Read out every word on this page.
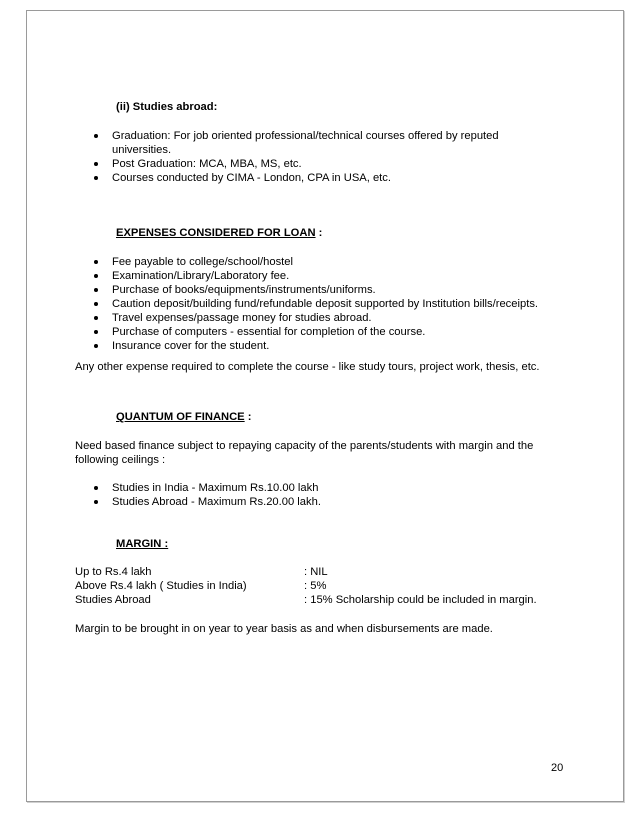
(ii) Studies abroad:
Graduation: For job oriented professional/technical courses offered by reputed universities.
Post Graduation: MCA, MBA, MS, etc.
Courses conducted by CIMA - London, CPA in USA, etc.
EXPENSES CONSIDERED FOR LOAN :
Fee payable to college/school/hostel
Examination/Library/Laboratory fee.
Purchase of books/equipments/instruments/uniforms.
Caution deposit/building fund/refundable deposit supported by Institution bills/receipts.
Travel expenses/passage money for studies abroad.
Purchase of computers - essential for completion of the course.
Insurance cover for the student.
Any other expense required to complete the course - like study tours, project work, thesis, etc.
QUANTUM OF FINANCE :
Need based finance subject to repaying capacity of the parents/students with margin and the
following ceilings :
Studies in India - Maximum Rs.10.00 lakh
Studies Abroad - Maximum Rs.20.00 lakh.
MARGIN :
Up to Rs.4 lakh	: NIL
Above Rs.4 lakh ( Studies in India)	: 5%
Studies Abroad	: 15% Scholarship could be included in margin.
Margin to be brought in on year to year basis as and when disbursements are made.
20
